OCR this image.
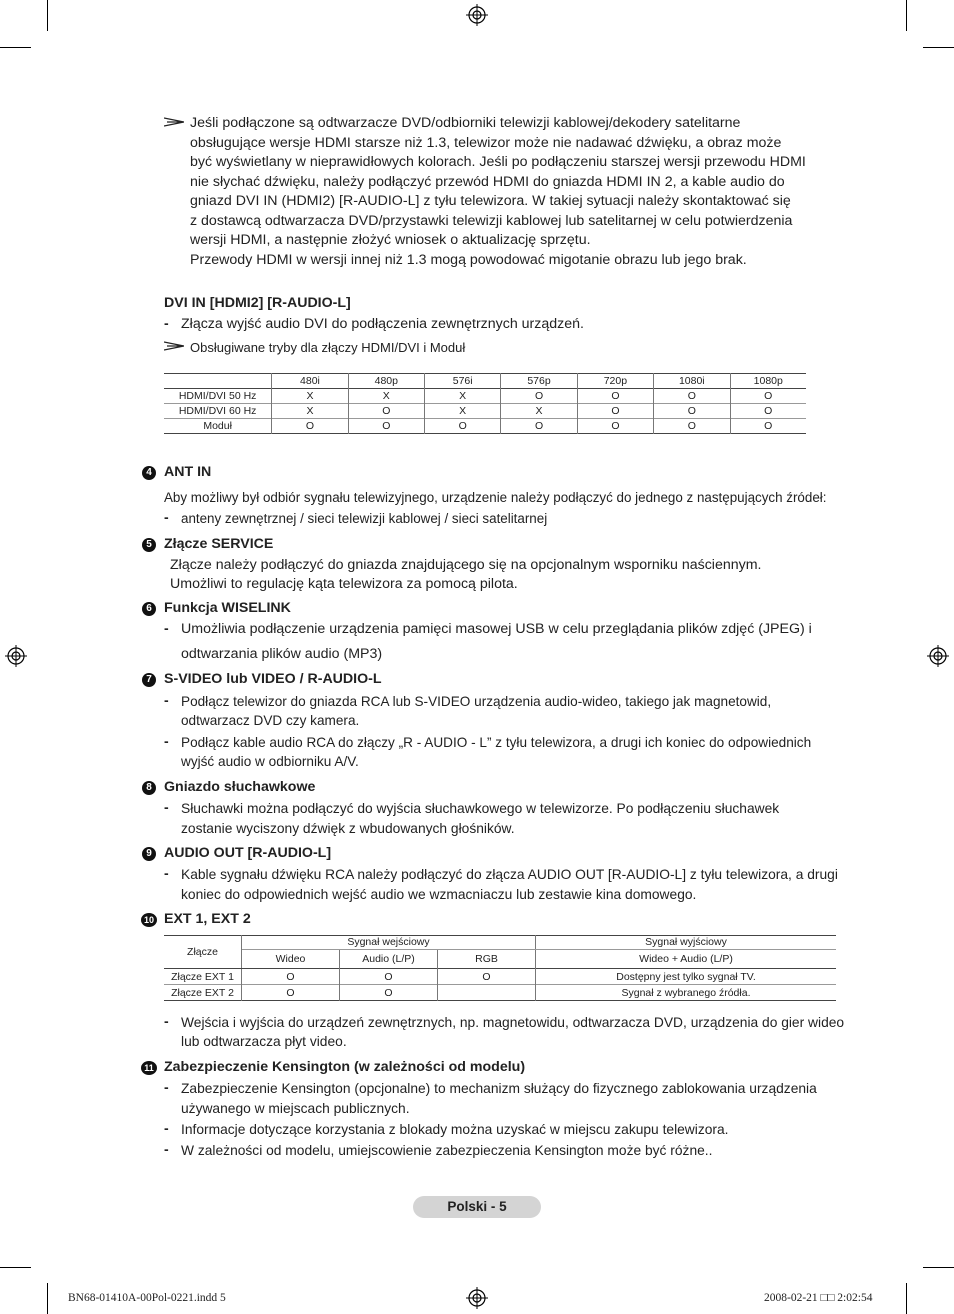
Jeśli podłączone są odtwarzacze DVD/odbiorniki telewizji kablowej/dekodery satelitarne
obsługujące wersje HDMI starsze niż 1.3, telewizor może nie nadawać dźwięku, a obraz może
być wyświetlany w nieprawidłowych kolorach. Jeśli po podłączeniu starszej wersji przewodu HDMI
nie słychać dźwięku, należy podłączyć przewód HDMI do gniazda HDMI IN 2, a kable audio do
gniazd DVI IN (HDMI2) [R-AUDIO-L] z tyłu telewizora. W takiej sytuacji należy skontaktować się
z dostawcą odtwarzacza DVD/przystawki telewizji kablowej lub satelitarnej w celu potwierdzenia
wersji HDMI, a następnie złożyć wniosek o aktualizację sprzętu.
Przewody HDMI w wersji innej niż 1.3 mogą powodować migotanie obrazu lub jego brak.
DVI IN [HDMI2] [R-AUDIO-L]
- Złącza wyjść audio DVI do podłączenia zewnętrznych urządzeń.
Obsługiwane tryby dla złączy HDMI/DVI i Moduł
	480i	480p	576i	576p	720p	1080i	1080p
HDMI/DVI 50 Hz	X	X	X	O	O	O	O
HDMI/DVI 60 Hz	X	O	X	X	O	O	O
Moduł	O	O	O	O	O	O	O
4 ANT IN
Aby możliwy był odbiór sygnału telewizyjnego, urządzenie należy podłączyć do jednego z następujących źródeł:
- anteny zewnętrznej / sieci telewizji kablowej / sieci satelitarnej
5 Złącze SERVICE
Złącze należy podłączyć do gniazda znajdującego się na opcjonalnym wsporniku naściennym.
Umożliwi to regulację kąta telewizora za pomocą pilota.
6 Funkcja WISELINK
- Umożliwia podłączenie urządzenia pamięci masowej USB w celu przeglądania plików zdjęć (JPEG) i
odtwarzania plików audio (MP3)
7 S-VIDEO lub VIDEO / R-AUDIO-L
- Podłącz telewizor do gniazda RCA lub S-VIDEO urządzenia audio-wideo, takiego jak magnetowid,
odtwarzacz DVD czy kamera.
- Podłącz kable audio RCA do złączy „R - AUDIO - L” z tyłu telewizora, a drugi ich koniec do odpowiednich
wyjść audio w odbiorniku A/V.
8 Gniazdo słuchawkowe
- Słuchawki można podłączyć do wyjścia słuchawkowego w telewizorze. Po podłączeniu słuchawek
zostanie wyciszony dźwięk z wbudowanych głośników.
9 AUDIO OUT [R-AUDIO-L]
- Kable sygnału dźwięku RCA należy podłączyć do złącza AUDIO OUT [R-AUDIO-L] z tyłu telewizora, a drugi
koniec do odpowiednich wejść audio we wzmacniaczu lub zestawie kina domowego.
10 EXT 1, EXT 2
Złącze	Sygnał wejściowy			Sygnał wyjściowy
	Wideo	Audio (L/P)	RGB	Wideo + Audio (L/P)
Złącze EXT 1	O	O	O	Dostępny jest tylko sygnał TV.
Złącze EXT 2	O	O		Sygnał z wybranego źródła.
- Wejścia i wyjścia do urządzeń zewnętrznych, np. magnetowidu, odtwarzacza DVD, urządzenia do gier wideo
lub odtwarzacza płyt video.
11 Zabezpieczenie Kensington (w zależności od modelu)
- Zabezpieczenie Kensington (opcjonalne) to mechanizm służący do fizycznego zablokowania urządzenia
używanego w miejscach publicznych.
- Informacje dotyczące korzystania z blokady można uzyskać w miejscu zakupu telewizora.
- W zależności od modelu, umiejscowienie zabezpieczenia Kensington może być różne..
Polski - 5
BN68-01410A-00Pol-0221.indd 5	2008-02-21 □□ 2:02:54
